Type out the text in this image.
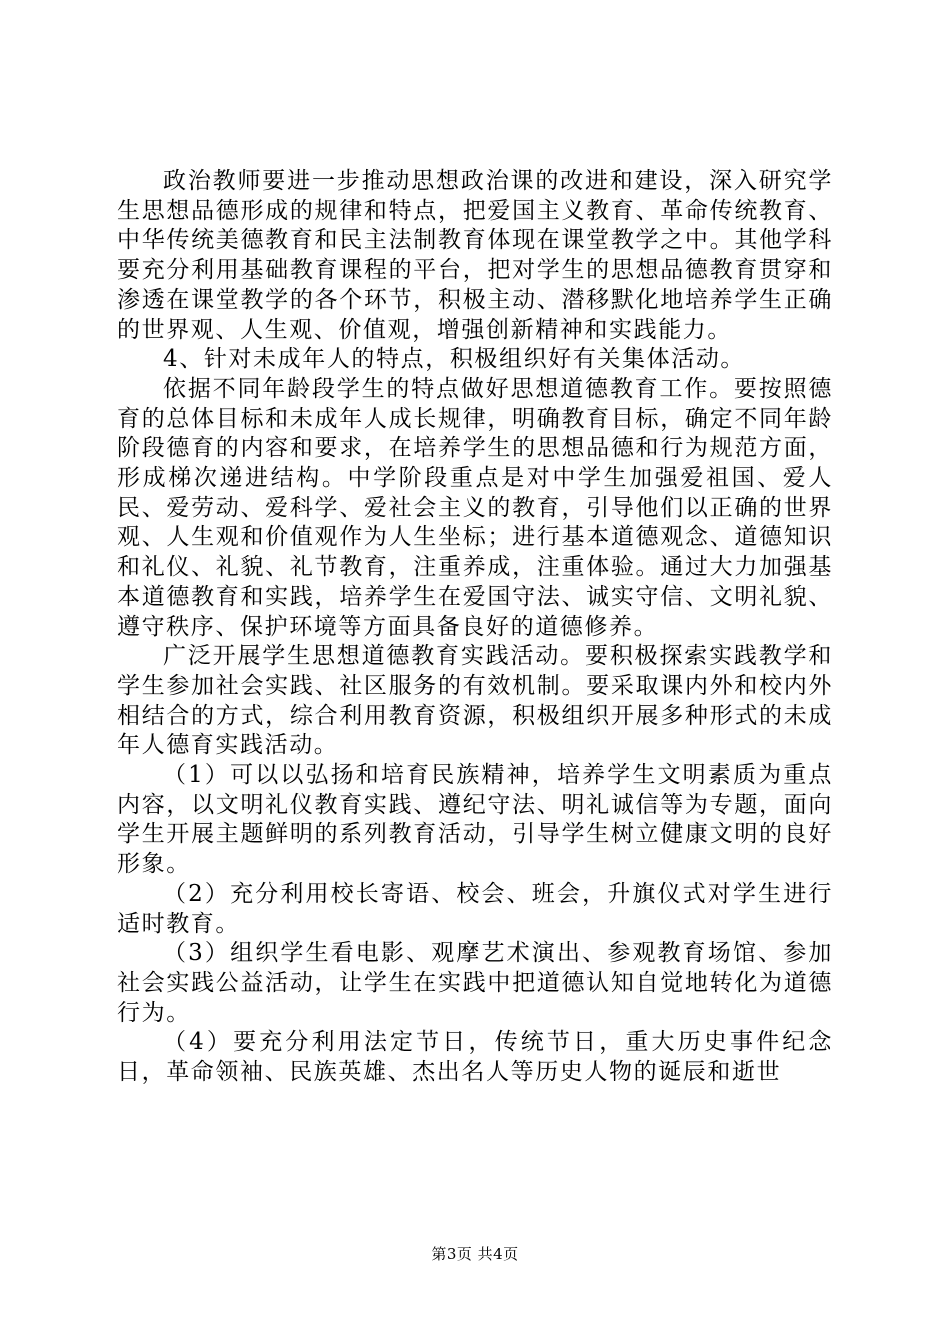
政治教师要进一步推动思想政治课的改进和建设，深入研究学生思想品德形成的规律和特点，把爱国主义教育、革命传统教育、中华传统美德教育和民主法制教育体现在课堂教学之中。其他学科要充分利用基础教育课程的平台，把对学生的思想品德教育贯穿和渗透在课堂教学的各个环节，积极主动、潜移默化地培养学生正确的世界观、人生观、价值观，增强创新精神和实践能力。

4、针对未成年人的特点，积极组织好有关集体活动。

依据不同年龄段学生的特点做好思想道德教育工作。要按照德育的总体目标和未成年人成长规律，明确教育目标，确定不同年龄阶段德育的内容和要求，在培养学生的思想品德和行为规范方面，形成梯次递进结构。中学阶段重点是对中学生加强爱祖国、爱人民、爱劳动、爱科学、爱社会主义的教育，引导他们以正确的世界观、人生观和价值观作为人生坐标；进行基本道德观念、道德知识和礼仪、礼貌、礼节教育，注重养成，注重体验。通过大力加强基本道德教育和实践，培养学生在爱国守法、诚实守信、文明礼貌、遵守秩序、保护环境等方面具备良好的道德修养。

广泛开展学生思想道德教育实践活动。要积极探索实践教学和学生参加社会实践、社区服务的有效机制。要采取课内外和校内外相结合的方式，综合利用教育资源，积极组织开展多种形式的未成年人德育实践活动。

（1）可以以弘扬和培育民族精神，培养学生文明素质为重点内容，以文明礼仪教育实践、遵纪守法、明礼诚信等为专题，面向学生开展主题鲜明的系列教育活动，引导学生树立健康文明的良好形象。

（2）充分利用校长寄语、校会、班会，升旗仪式对学生进行适时教育。

（3）组织学生看电影、观摩艺术演出、参观教育场馆、参加社会实践公益活动，让学生在实践中把道德认知自觉地转化为道德行为。

（4）要充分利用法定节日，传统节日，重大历史事件纪念日，革命领袖、民族英雄、杰出名人等历史人物的诞辰和逝世

第3页 共4页
